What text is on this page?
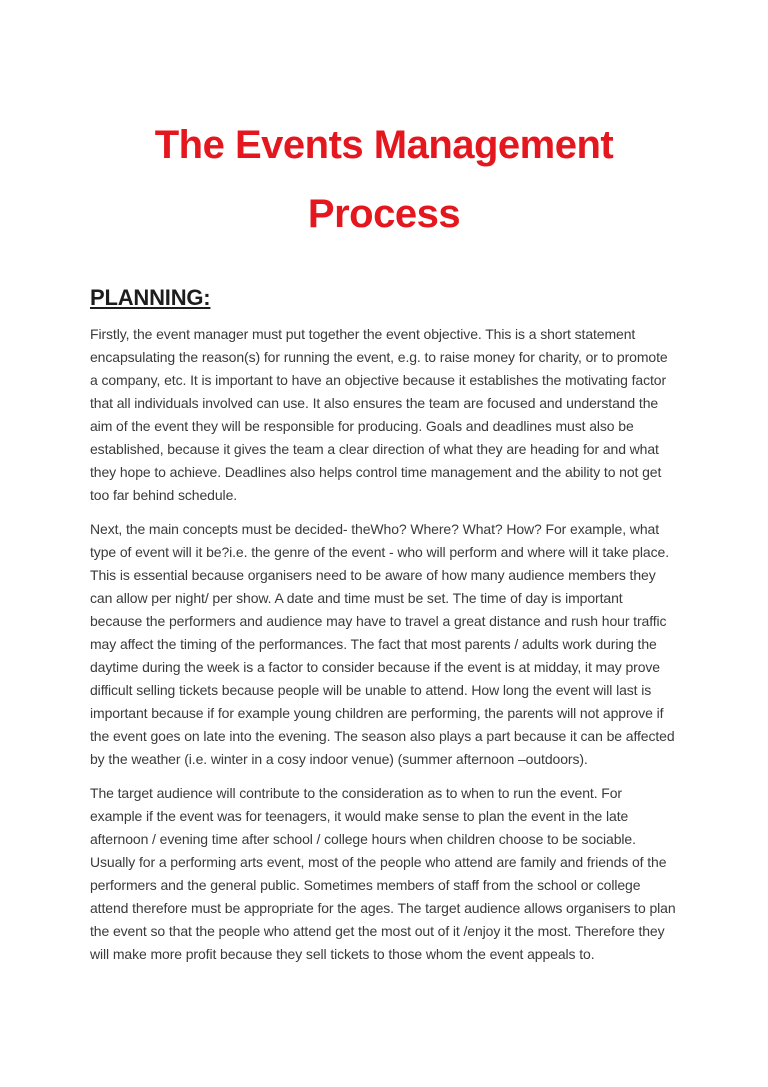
The Events Management
Process
PLANNING:

Firstly, the event manager must put together the event objective. This is a short statement encapsulating the reason(s) for running the event, e.g. to raise money for charity, or to promote a company, etc. It is important to have an objective because it establishes the motivating factor that all individuals involved can use. It also ensures the team are focused and understand the aim of the event they will be responsible for producing. Goals and deadlines must also be established, because it gives the team a clear direction of what they are heading for and what they hope to achieve. Deadlines also helps control time management and the ability to not get too far behind schedule.

Next, the main concepts must be decided- theWho? Where? What? How? For example, what type of event will it be?i.e. the genre of the event - who will perform and where will it take place. This is essential because organisers need to be aware of how many audience members they can allow per night/ per show. A date and time must be set. The time of day is important because the performers and audience may have to travel a great distance and rush hour traffic may affect the timing of the performances. The fact that most parents / adults work during the daytime during the week is a factor to consider because if the event is at midday, it may prove difficult selling tickets because people will be unable to attend. How long the event will last is important because if for example young children are performing, the parents will not approve if the event goes on late into the evening. The season also plays a part because it can be affected by the weather (i.e. winter in a cosy indoor venue) (summer afternoon –outdoors).

The target audience will contribute to the consideration as to when to run the event. For example if the event was for teenagers, it would make sense to plan the event in the late afternoon / evening time after school / college hours when children choose to be sociable. Usually for a performing arts event, most of the people who attend are family and friends of the performers and the general public. Sometimes members of staff from the school or college attend therefore must be appropriate for the ages. The target audience allows organisers to plan the event so that the people who attend get the most out of it /enjoy it the most. Therefore they will make more profit because they sell tickets to those whom the event appeals to.
